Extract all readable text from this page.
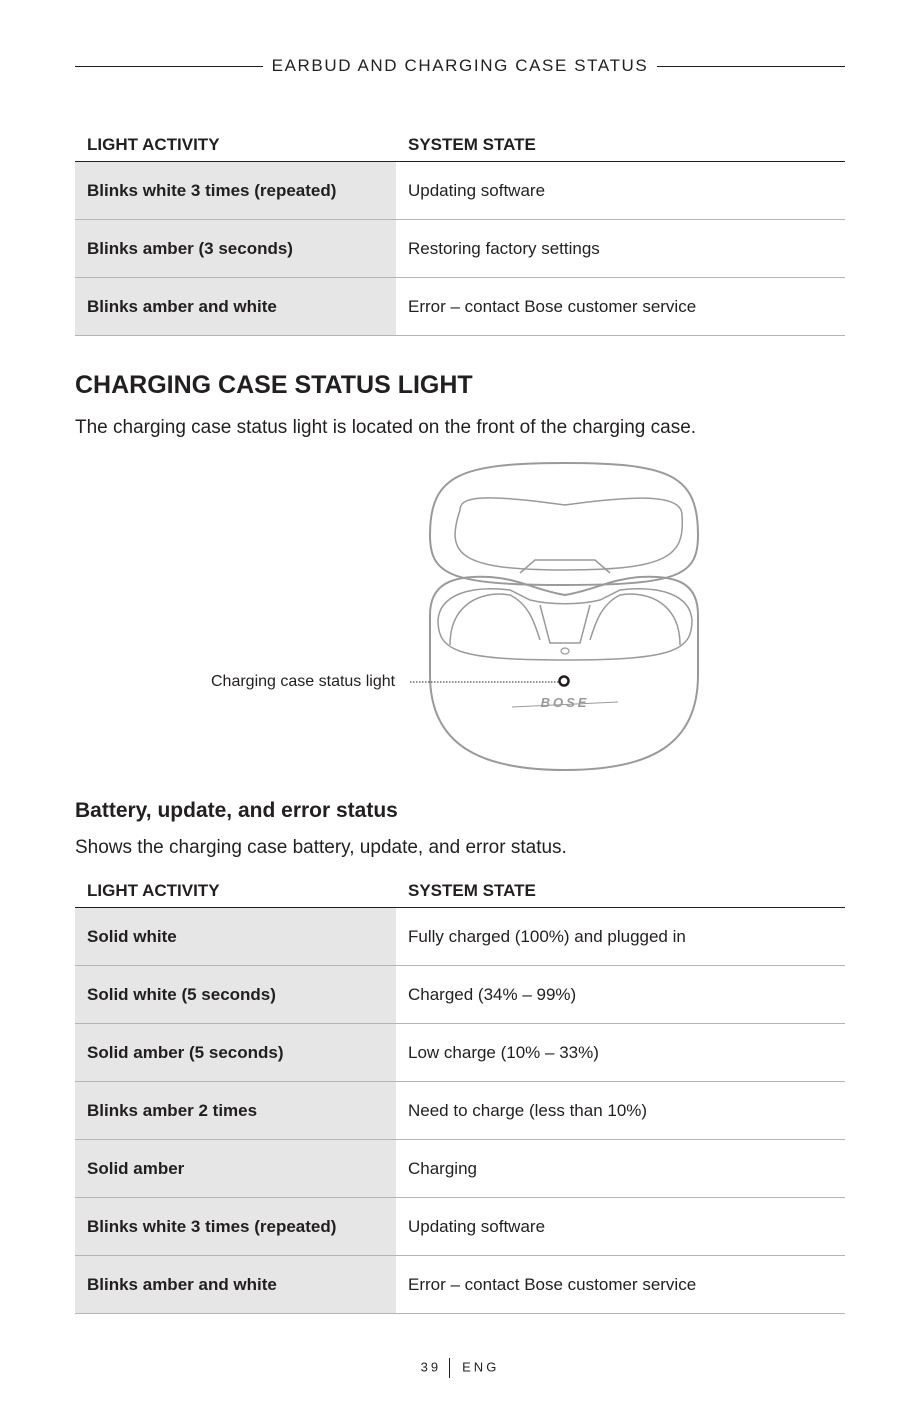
EARBUD AND CHARGING CASE STATUS
LIGHT ACTIVITY	SYSTEM STATE
Blinks white 3 times (repeated)	Updating software
Blinks amber (3 seconds)	Restoring factory settings
Blinks amber and white	Error – contact Bose customer service
CHARGING CASE STATUS LIGHT

The charging case status light is located on the front of the charging case.

BOSE
Charging case status light
Battery, update, and error status

Shows the charging case battery, update, and error status.

LIGHT ACTIVITY	SYSTEM STATE
Solid white	Fully charged (100%) and plugged in
Solid white (5 seconds)	Charged (34% – 99%)
Solid amber (5 seconds)	Low charge (10% – 33%)
Blinks amber 2 times	Need to charge (less than 10%)
Solid amber	Charging
Blinks white 3 times (repeated)	Updating software
Blinks amber and white	Error – contact Bose customer service
39 ENG
